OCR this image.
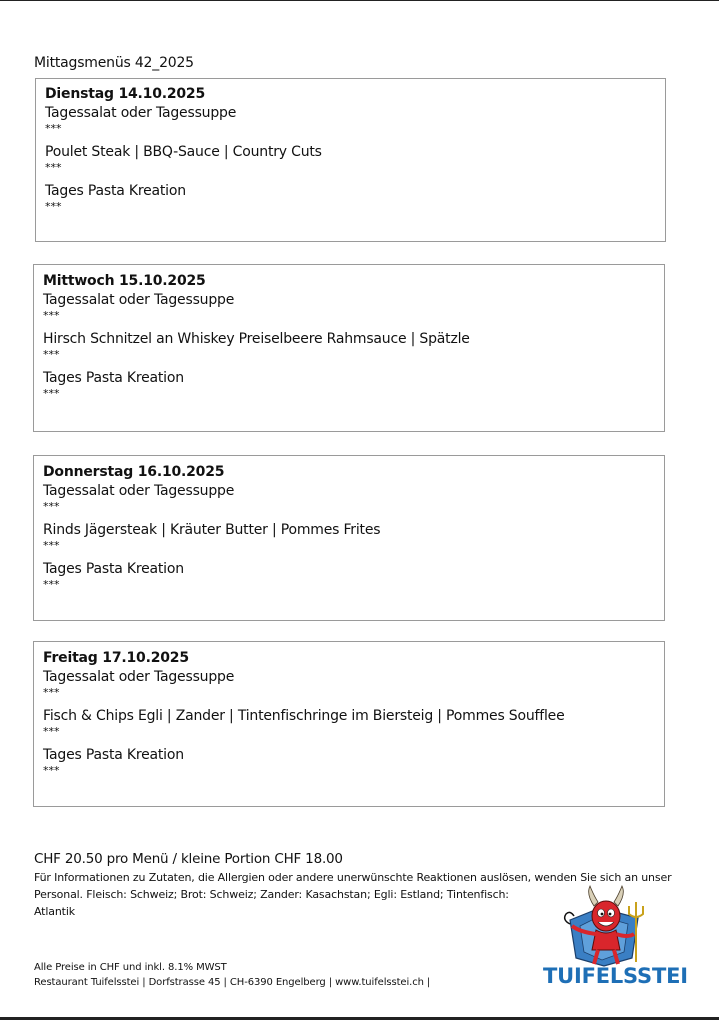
Mittagsmenüs 42_2025
Dienstag 14.10.2025
Tagessalat oder Tagessuppe
***
Poulet Steak | BBQ-Sauce | Country Cuts
***
Tages Pasta Kreation
***
Mittwoch 15.10.2025
Tagessalat oder Tagessuppe
***
Hirsch Schnitzel an Whiskey Preiselbeere Rahmsauce | Spätzle
***
Tages Pasta Kreation
***
Donnerstag 16.10.2025
Tagessalat oder Tagessuppe
***
Rinds Jägersteak | Kräuter Butter | Pommes Frites
***
Tages Pasta Kreation
***
Freitag 17.10.2025
Tagessalat oder Tagessuppe
***
Fisch & Chips Egli | Zander | Tintenfischringe im Biersteig | Pommes Soufflee
***
Tages Pasta Kreation
***
CHF 20.50 pro Menü / kleine Portion CHF 18.00
Für Informationen zu Zutaten, die Allergien oder andere unerwünschte Reaktionen auslösen, wenden Sie sich an unser
Personal. Fleisch: Schweiz; Brot: Schweiz; Zander: Kasachstan; Egli: Estland; Tintenfisch:
Atlantik
Alle Preise in CHF und inkl. 8.1% MWST
Restaurant Tuifelsstei | Dorfstrasse 45 | CH-6390 Engelberg | www.tuifelsstei.ch |	TUIFELSSTEI
